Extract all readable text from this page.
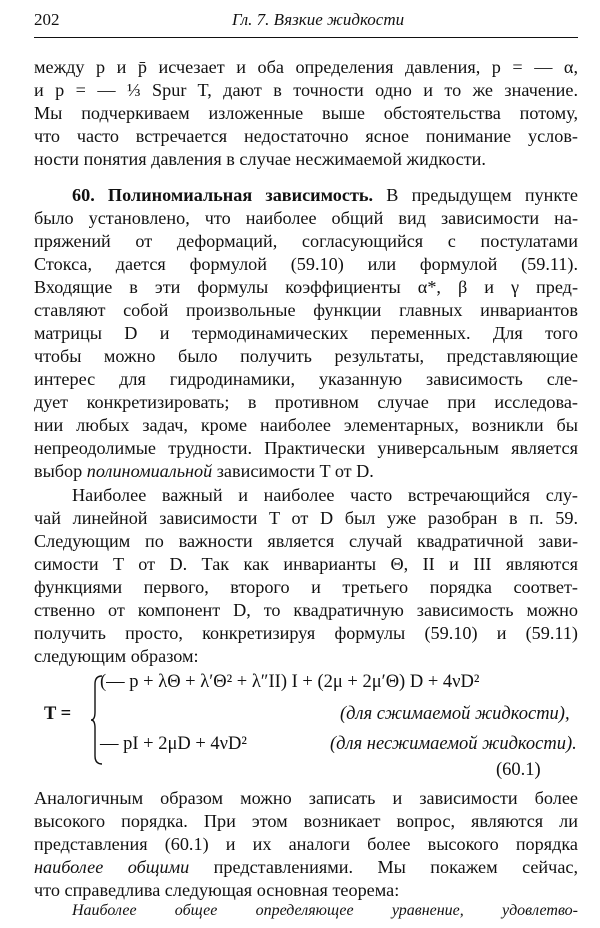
202	Гл. 7. Вязкие жидкости
между p и p̄ исчезает и оба определения давления, p = — α,
и p = — ⅓ Spur T, дают в точности одно и то же значение.
Мы подчеркиваем изложенные выше обстоятельства потому,
что часто встречается недостаточно ясное понимание услов-
ности понятия давления в случае несжимаемой жидкости.
60. Полиномиальная зависимость. В предыдущем пункте
было установлено, что наиболее общий вид зависимости на-
пряжений от деформаций, согласующийся с постулатами
Стокса, дается формулой (59.10) или формулой (59.11).
Входящие в эти формулы коэффициенты α*, β и γ пред-
ставляют собой произвольные функции главных инвариантов
матрицы D и термодинамических переменных. Для того
чтобы можно было получить результаты, представляющие
интерес для гидродинамики, указанную зависимость сле-
дует конкретизировать; в противном случае при исследова-
нии любых задач, кроме наиболее элементарных, возникли бы
непреодолимые трудности. Практически универсальным является
выбор полиномиальной зависимости T от D.
Наиболее важный и наиболее часто встречающийся слу-
чай линейной зависимости T от D был уже разобран в п. 59.
Следующим по важности является случай квадратичной зави-
симости T от D. Так как инварианты Θ, II и III являются
функциями первого, второго и третьего порядка соответ-
ственно от компонент D, то квадратичную зависимость можно
получить просто, конкретизируя формулы (59.10) и (59.11)
следующим образом:
T =
(— p + λΘ + λ′Θ² + λ″II) I + (2μ + 2μ′Θ) D + 4νD²
(для сжимаемой жидкости),
— pI + 2μD + 4νD²	(для несжимаемой жидкости).
(60.1)
Аналогичным образом можно записать и зависимости более
высокого порядка. При этом возникает вопрос, являются ли
представления (60.1) и их аналоги более высокого порядка
наиболее общими представлениями. Мы покажем сейчас,
что справедлива следующая основная теорема:
Наиболее общее определяющее уравнение, удовлетво-
